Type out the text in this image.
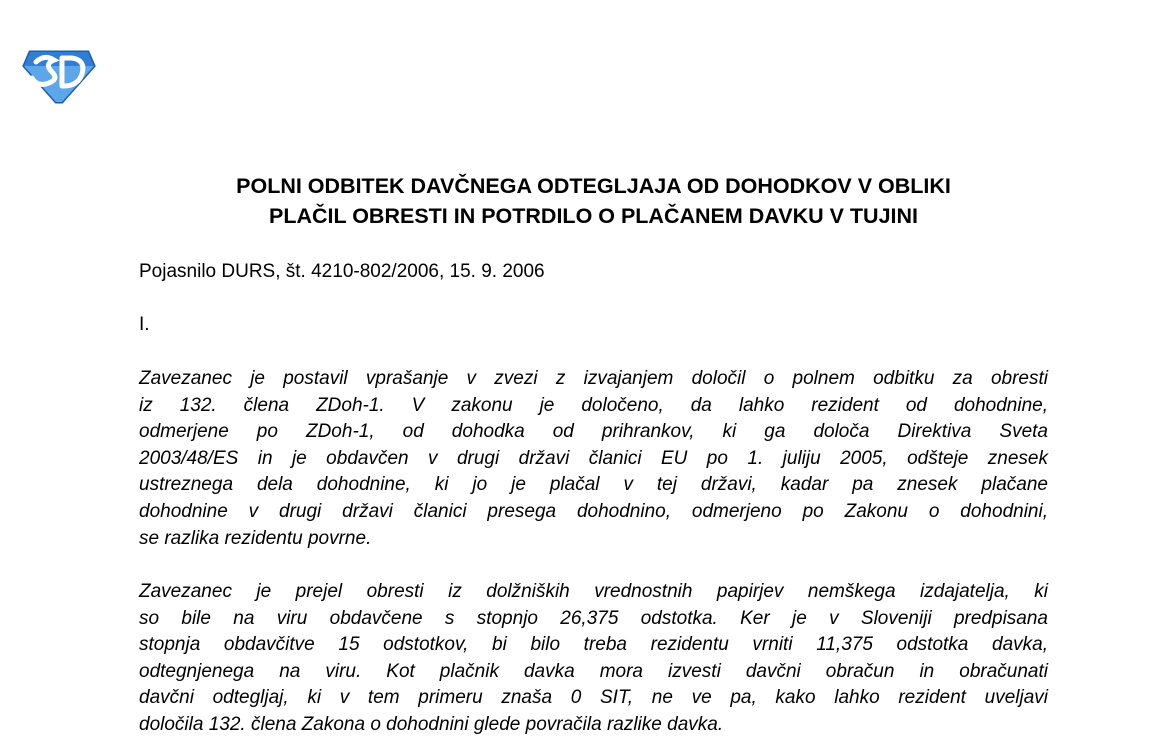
POLNI ODBITEK DAVČNEGA ODTEGLJAJA OD DOHODKOV V OBLIKI
PLAČIL OBRESTI IN POTRDILO O PLAČANEM DAVKU V TUJINI

Pojasnilo DURS, št. 4210-802/2006, 15. 9. 2006

I.

Zavezanec je postavil vprašanje v zvezi z izvajanjem določil o polnem odbitku za obresti
iz 132. člena ZDoh-1. V zakonu je določeno, da lahko rezident od dohodnine,
odmerjene po ZDoh-1, od dohodka od prihrankov, ki ga določa Direktiva Sveta
2003/48/ES in je obdavčen v drugi državi članici EU po 1. juliju 2005, odšteje znesek
ustreznega dela dohodnine, ki jo je plačal v tej državi, kadar pa znesek plačane
dohodnine v drugi državi članici presega dohodnino, odmerjeno po Zakonu o dohodnini,
se razlika rezidentu povrne.

Zavezanec je prejel obresti iz dolžniških vrednostnih papirjev nemškega izdajatelja, ki
so bile na viru obdavčene s stopnjo 26,375 odstotka. Ker je v Sloveniji predpisana
stopnja obdavčitve 15 odstotkov, bi bilo treba rezidentu vrniti 11,375 odstotka davka,
odtegnjenega na viru. Kot plačnik davka mora izvesti davčni obračun in obračunati
davčni odtegljaj, ki v tem primeru znaša 0 SIT, ne ve pa, kako lahko rezident uveljavi
določila 132. člena Zakona o dohodnini glede povračila razlike davka.
